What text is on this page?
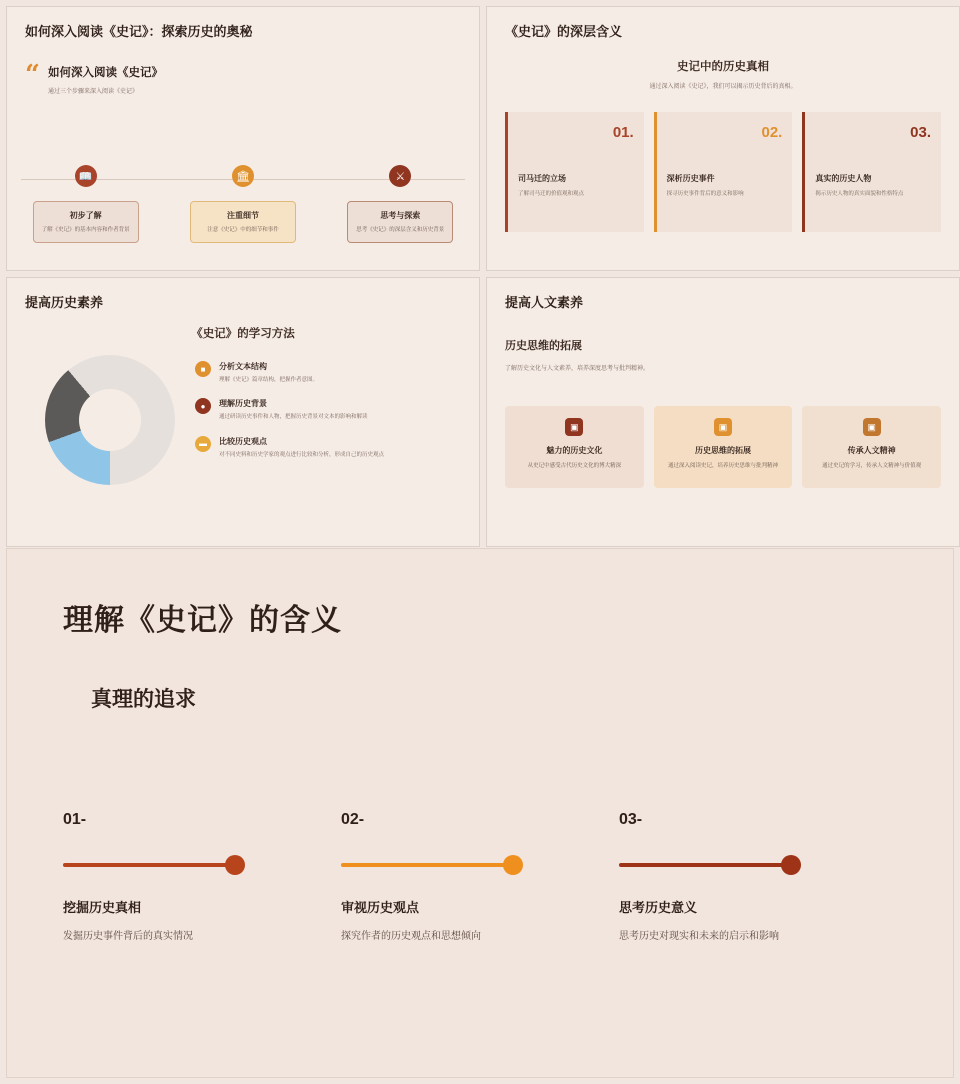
如何深入阅读《史记》：探索历史的奥秘
“ 如何深入阅读《史记》
通过三个步骤来深入阅读《史记》
📖
初步了解

了解《史记》的基本内容和作者背景

🏛
注重细节

注意《史记》中的细节和事件

⚔
思考与探索

思考《史记》的深层含义和历史背景

《史记》的深层含义
史记中的历史真相
通过深入阅读《史记》，我们可以揭示历史背后的真相。
01.
司马迁的立场

了解司马迁的价值观和观点

02.
深析历史事件

探寻历史事件背后的意义和影响

03.
真实的历史人物

揭示历史人物的真实面貌和性格特点

提高历史素养
《史记》的学习方法
■	分析文本结构

理解《史记》篇章结构，把握作者意图。

●	理解历史背景

通过研读历史事件和人物，把握历史背景对文本的影响和解读

▬	比较历史观点

对不同史料和历史学家的观点进行比较和分析，形成自己的历史观点

提高人文素养
历史思维的拓展
了解历史文化与人文素养，培养深度思考与批判精神。
▣
魅力的历史文化

从史记中感受古代历史文化的博大精深

▣
历史思维的拓展

通过深入阅读史记，培养历史思维与批判精神

▣
传承人文精神

通过史记的学习，传承人文精神与价值观

理解《史记》的含义
真理的追求
01-
挖掘历史真相

发掘历史事件背后的真实情况

02-
审视历史观点

探究作者的历史观点和思想倾向

03-
思考历史意义

思考历史对现实和未来的启示和影响
